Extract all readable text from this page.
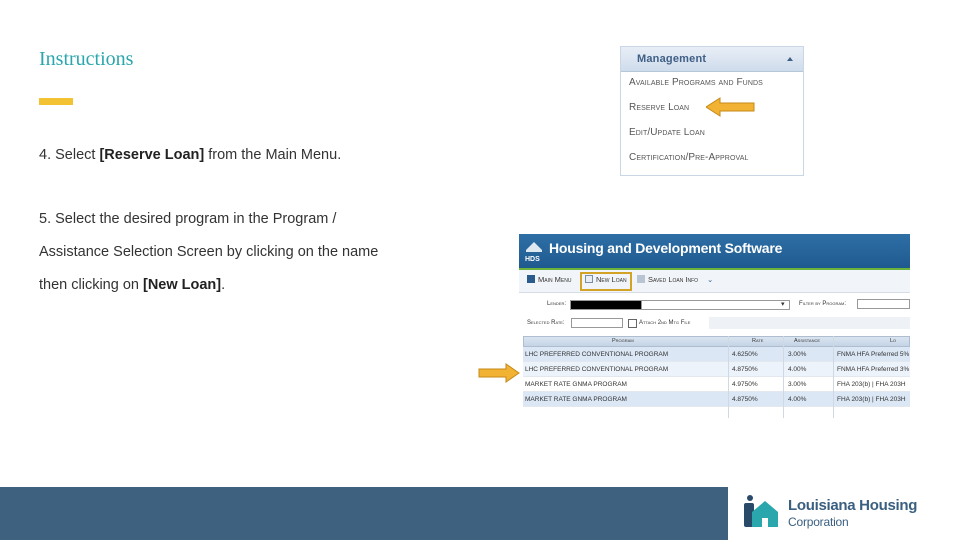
Instructions
4. Select [Reserve Loan] from the Main Menu.
5. Select the desired program in the Program /
Assistance Selection Screen by clicking on the name
then clicking on [New Loan].
Management
Available Programs and Funds
Reserve Loan
Edit/Update Loan
Certification/Pre-Approval
HDS
Housing and Development Software
Main Menu	New Loan	Saved Loan Info ⌄
Lender:	▾ Filter by Program:
Selected Rate:	Attach 2nd Mtg File
Program	Rate	Assistance	Lo
LHC PREFERRED CONVENTIONAL PROGRAM	4.6250%	3.00%	FNMA HFA Preferred 5%
LHC PREFERRED CONVENTIONAL PROGRAM	4.8750%	4.00%	FNMA HFA Preferred 3%
MARKET RATE GNMA PROGRAM	4.9750%	3.00%	FHA 203(b) | FHA 203H
MARKET RATE GNMA PROGRAM	4.8750%	4.00%	FHA 203(b) | FHA 203H
Louisiana Housing
Corporation
